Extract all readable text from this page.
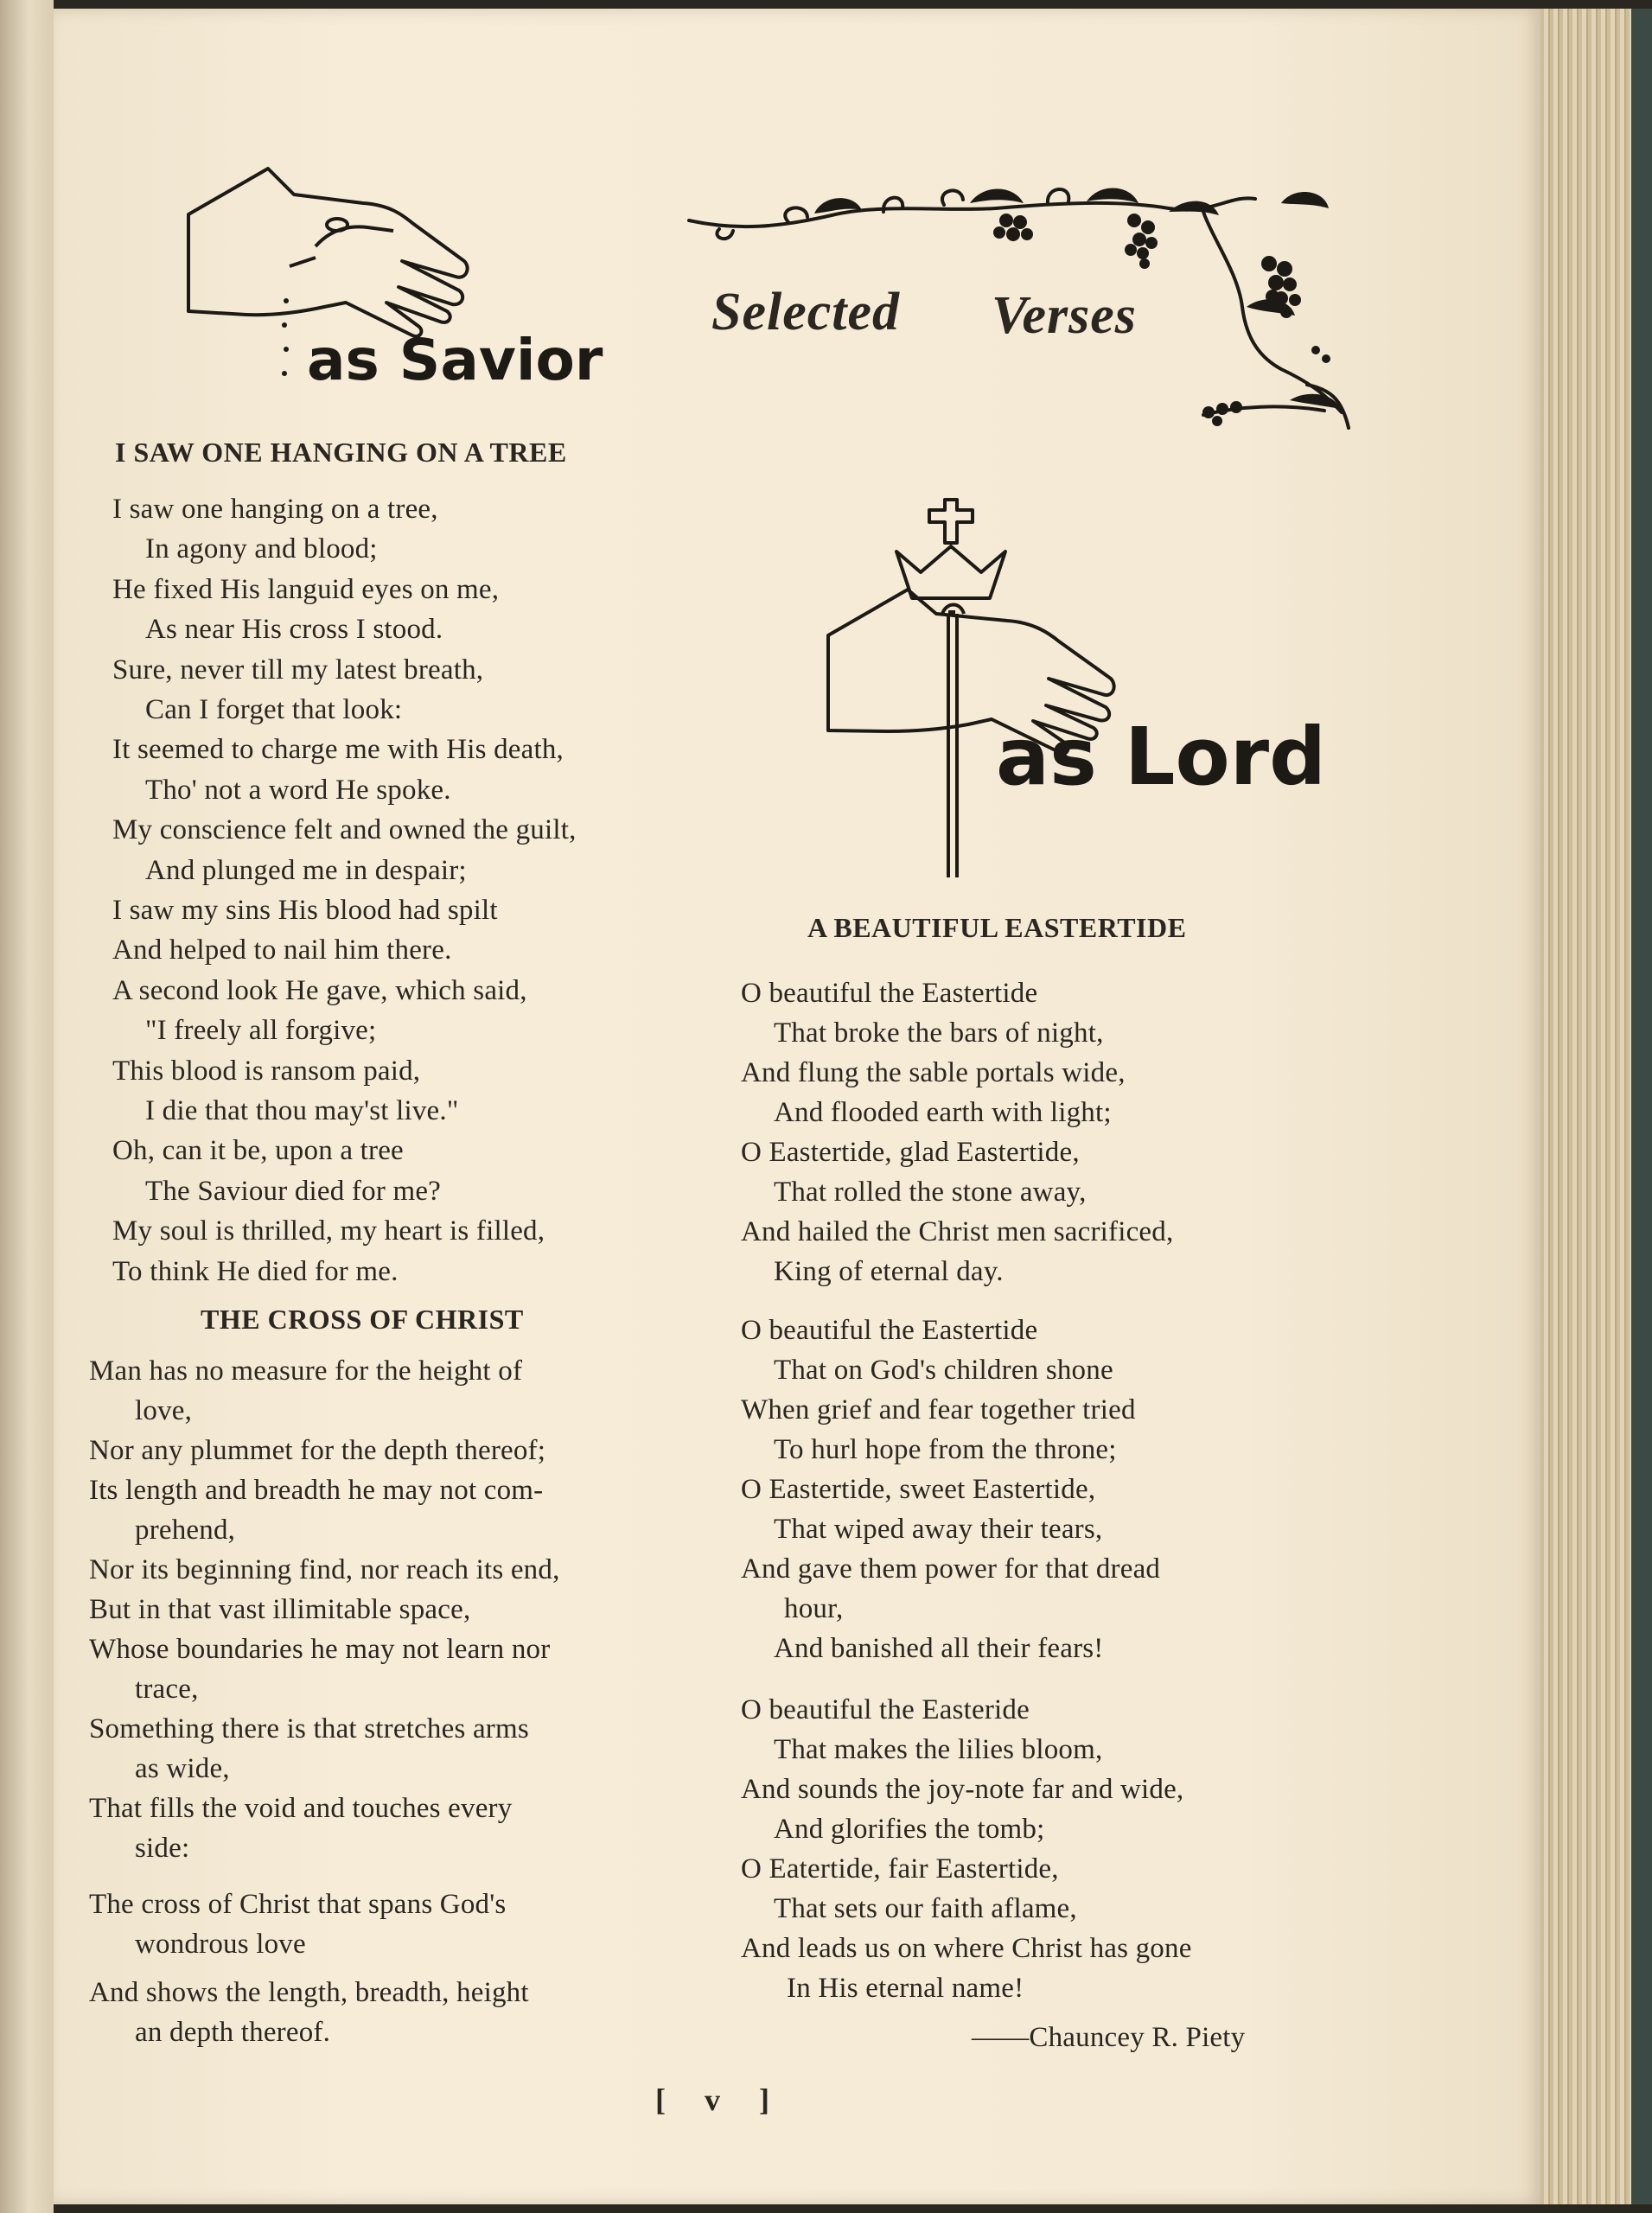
as Savior
Selected Verses
as Lord
I SAW ONE HANGING ON A TREE

I saw one hanging on a tree,

In agony and blood;

He fixed His languid eyes on me,

As near His cross I stood.

Sure, never till my latest breath,

Can I forget that look:

It seemed to charge me with His death,

Tho' not a word He spoke.

My conscience felt and owned the guilt,

And plunged me in despair;

I saw my sins His blood had spilt

And helped to nail him there.

A second look He gave, which said,

"I freely all forgive;

This blood is ransom paid,

I die that thou may'st live."

Oh, can it be, upon a tree

The Saviour died for me?

My soul is thrilled, my heart is filled,

To think He died for me.

THE CROSS OF CHRIST

Man has no measure for the height of

love,

Nor any plummet for the depth thereof;

Its length and breadth he may not com-

prehend,

Nor its beginning find, nor reach its end,

But in that vast illimitable space,

Whose boundaries he may not learn nor

trace,

Something there is that stretches arms

as wide,

That fills the void and touches every

side:

The cross of Christ that spans God's

wondrous love

And shows the length, breadth, height

an depth thereof.

A BEAUTIFUL EASTERTIDE

O beautiful the Eastertide

That broke the bars of night,

And flung the sable portals wide,

And flooded earth with light;

O Eastertide, glad Eastertide,

That rolled the stone away,

And hailed the Christ men sacrificed,

King of eternal day.

O beautiful the Eastertide

That on God's children shone

When grief and fear together tried

To hurl hope from the throne;

O Eastertide, sweet Eastertide,

That wiped away their tears,

And gave them power for that dread

hour,

And banished all their fears!

O beautiful the Easteride

That makes the lilies bloom,

And sounds the joy-note far and wide,

And glorifies the tomb;

O Eatertide, fair Eastertide,

That sets our faith aflame,

And leads us on where Christ has gone

In His eternal name!

——Chauncey R. Piety

[ v ]
